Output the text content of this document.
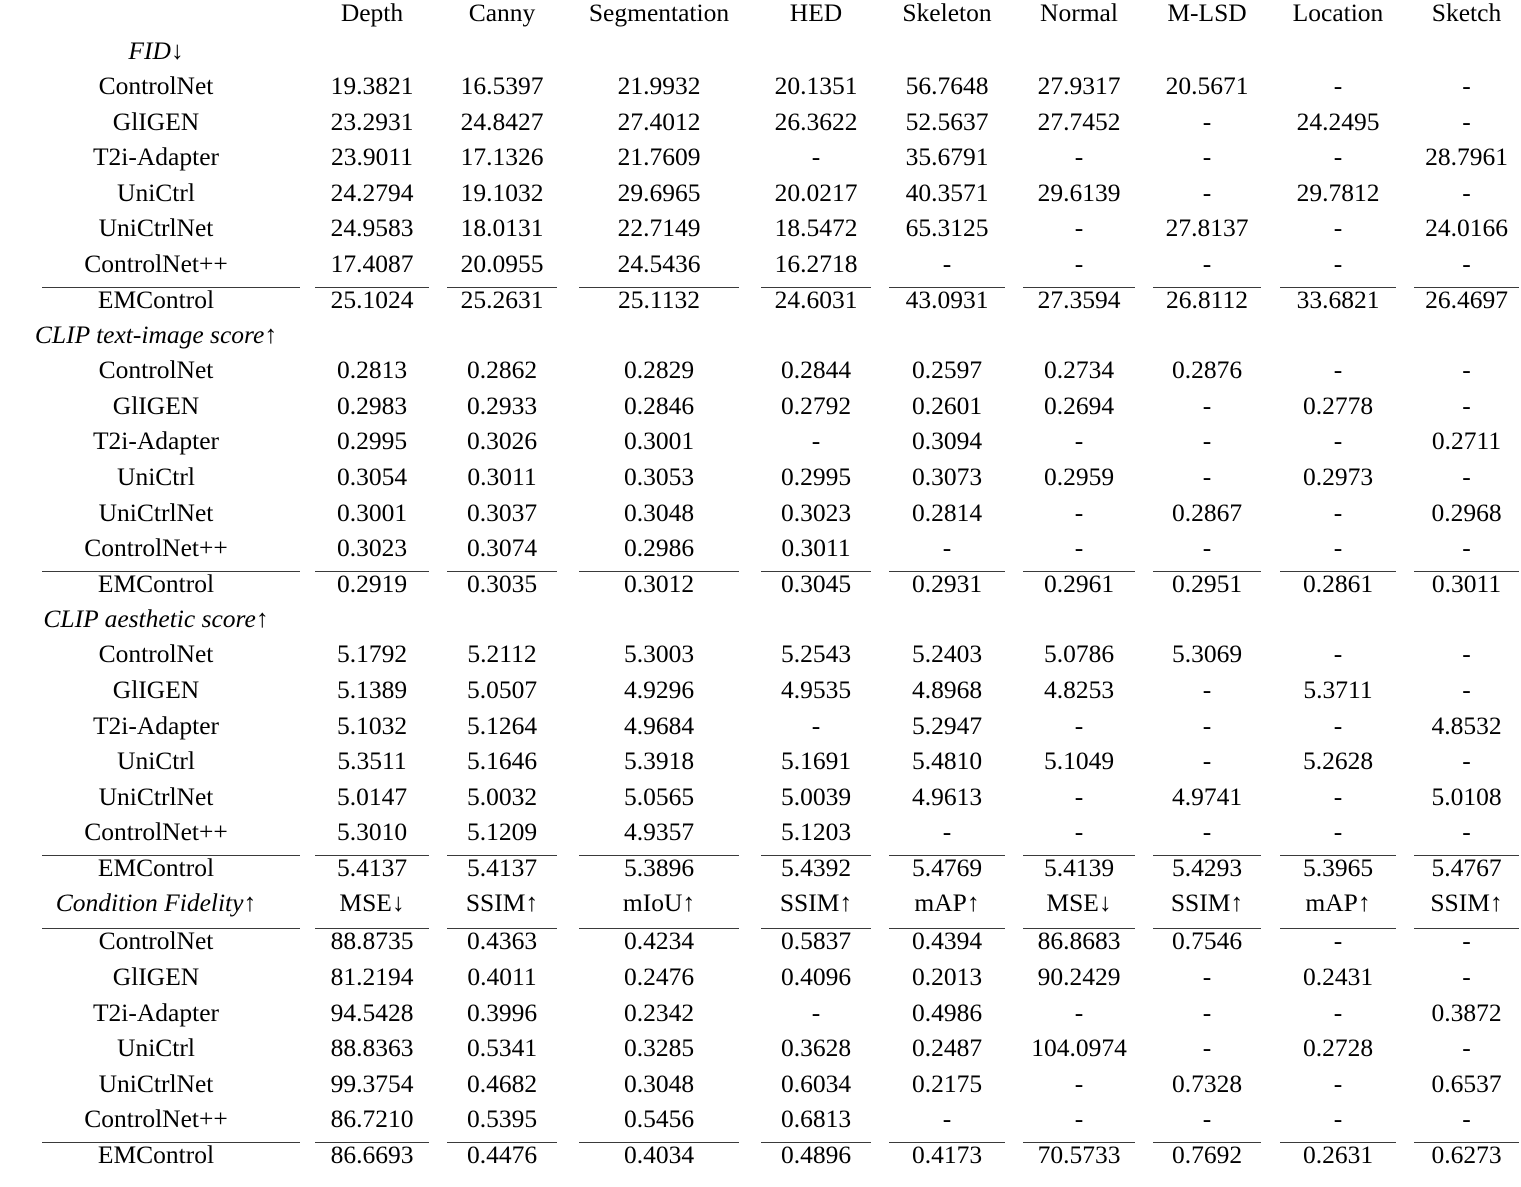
	Depth	Canny	Segmentation	HED	Skeleton	Normal	M-LSD	Location	Sketch
FID↓									
ControlNet	19.3821	16.5397	21.9932	20.1351	56.7648	27.9317	20.5671	-	-
GlIGEN	23.2931	24.8427	27.4012	26.3622	52.5637	27.7452	-	24.2495	-
T2i-Adapter	23.9011	17.1326	21.7609	-	35.6791	-	-	-	28.7961
UniCtrl	24.2794	19.1032	29.6965	20.0217	40.3571	29.6139	-	29.7812	-
UniCtrlNet	24.9583	18.0131	22.7149	18.5472	65.3125	-	27.8137	-	24.0166
ControlNet++	17.4087	20.0955	24.5436	16.2718	-	-	-	-	-
EMControl	25.1024	25.2631	25.1132	24.6031	43.0931	27.3594	26.8112	33.6821	26.4697
CLIP text-image score↑									
ControlNet	0.2813	0.2862	0.2829	0.2844	0.2597	0.2734	0.2876	-	-
GlIGEN	0.2983	0.2933	0.2846	0.2792	0.2601	0.2694	-	0.2778	-
T2i-Adapter	0.2995	0.3026	0.3001	-	0.3094	-	-	-	0.2711
UniCtrl	0.3054	0.3011	0.3053	0.2995	0.3073	0.2959	-	0.2973	-
UniCtrlNet	0.3001	0.3037	0.3048	0.3023	0.2814	-	0.2867	-	0.2968
ControlNet++	0.3023	0.3074	0.2986	0.3011	-	-	-	-	-
EMControl	0.2919	0.3035	0.3012	0.3045	0.2931	0.2961	0.2951	0.2861	0.3011
CLIP aesthetic score↑									
ControlNet	5.1792	5.2112	5.3003	5.2543	5.2403	5.0786	5.3069	-	-
GlIGEN	5.1389	5.0507	4.9296	4.9535	4.8968	4.8253	-	5.3711	-
T2i-Adapter	5.1032	5.1264	4.9684	-	5.2947	-	-	-	4.8532
UniCtrl	5.3511	5.1646	5.3918	5.1691	5.4810	5.1049	-	5.2628	-
UniCtrlNet	5.0147	5.0032	5.0565	5.0039	4.9613	-	4.9741	-	5.0108
ControlNet++	5.3010	5.1209	4.9357	5.1203	-	-	-	-	-
EMControl	5.4137	5.4137	5.3896	5.4392	5.4769	5.4139	5.4293	5.3965	5.4767
Condition Fidelity↑	MSE↓	SSIM↑	mIoU↑	SSIM↑	mAP↑	MSE↓	SSIM↑	mAP↑	SSIM↑
ControlNet	88.8735	0.4363	0.4234	0.5837	0.4394	86.8683	0.7546	-	-
GlIGEN	81.2194	0.4011	0.2476	0.4096	0.2013	90.2429	-	0.2431	-
T2i-Adapter	94.5428	0.3996	0.2342	-	0.4986	-	-	-	0.3872
UniCtrl	88.8363	0.5341	0.3285	0.3628	0.2487	104.0974	-	0.2728	-
UniCtrlNet	99.3754	0.4682	0.3048	0.6034	0.2175	-	0.7328	-	0.6537
ControlNet++	86.7210	0.5395	0.5456	0.6813	-	-	-	-	-
EMControl	86.6693	0.4476	0.4034	0.4896	0.4173	70.5733	0.7692	0.2631	0.6273
